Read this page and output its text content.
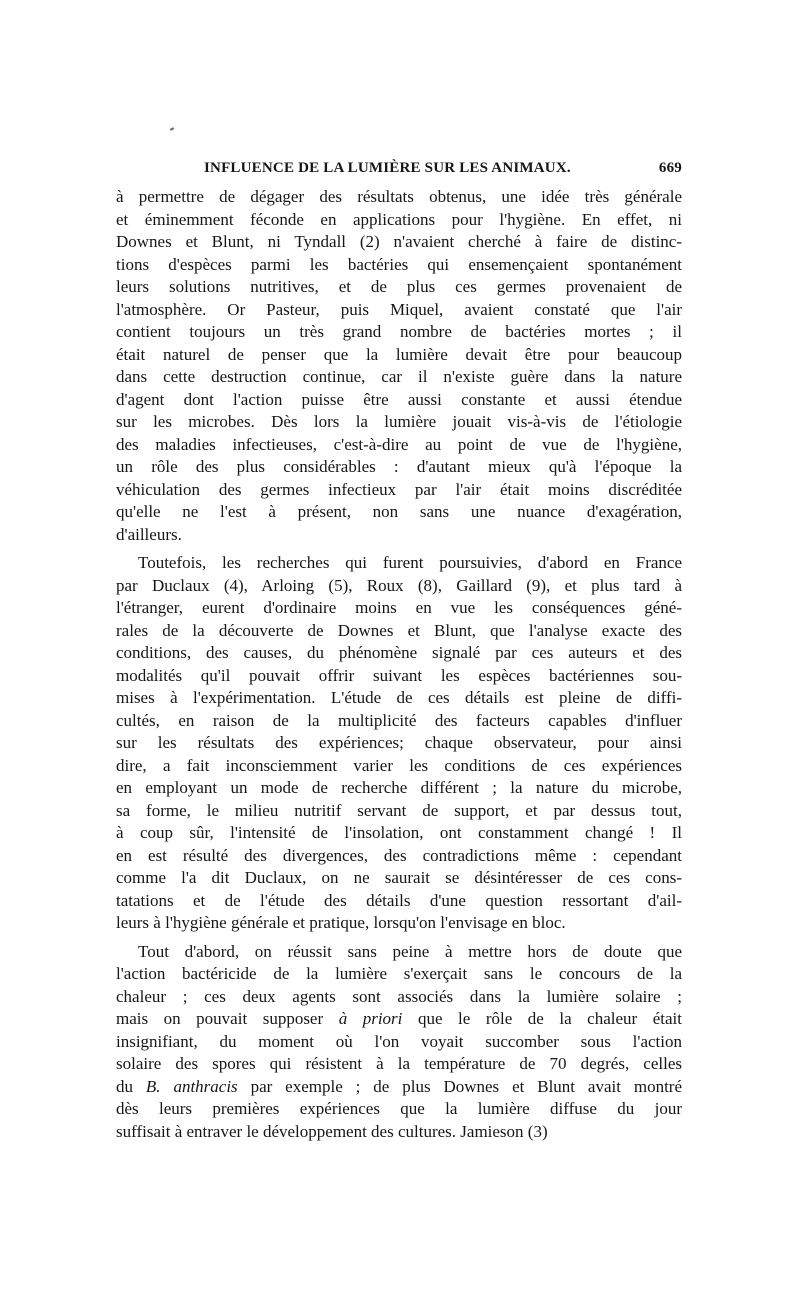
INFLUENCE DE LA LUMIÈRE SUR LES ANIMAUX.	669
à permettre de dégager des résultats obtenus, une idée très générale
et éminemment féconde en applications pour l'hygiène. En effet, ni
Downes et Blunt, ni Tyndall (2) n'avaient cherché à faire de distinc-
tions d'espèces parmi les bactéries qui ensemençaient spontanément
leurs solutions nutritives, et de plus ces germes provenaient de
l'atmosphère. Or Pasteur, puis Miquel, avaient constaté que l'air
contient toujours un très grand nombre de bactéries mortes ; il
était naturel de penser que la lumière devait être pour beaucoup
dans cette destruction continue, car il n'existe guère dans la nature
d'agent dont l'action puisse être aussi constante et aussi étendue
sur les microbes. Dès lors la lumière jouait vis-à-vis de l'étiologie
des maladies infectieuses, c'est-à-dire au point de vue de l'hygiène,
un rôle des plus considérables : d'autant mieux qu'à l'époque la
véhiculation des germes infectieux par l'air était moins discréditée
qu'elle ne l'est à présent, non sans une nuance d'exagération,
d'ailleurs.
Toutefois, les recherches qui furent poursuivies, d'abord en France
par Duclaux (4), Arloing (5), Roux (8), Gaillard (9), et plus tard à
l'étranger, eurent d'ordinaire moins en vue les conséquences géné-
rales de la découverte de Downes et Blunt, que l'analyse exacte des
conditions, des causes, du phénomène signalé par ces auteurs et des
modalités qu'il pouvait offrir suivant les espèces bactériennes sou-
mises à l'expérimentation. L'étude de ces détails est pleine de diffi-
cultés, en raison de la multiplicité des facteurs capables d'influer
sur les résultats des expériences; chaque observateur, pour ainsi
dire, a fait inconsciemment varier les conditions de ces expériences
en employant un mode de recherche différent ; la nature du microbe,
sa forme, le milieu nutritif servant de support, et par dessus tout,
à coup sûr, l'intensité de l'insolation, ont constamment changé ! Il
en est résulté des divergences, des contradictions même : cependant
comme l'a dit Duclaux, on ne saurait se désintéresser de ces cons-
tatations et de l'étude des détails d'une question ressortant d'ail-
leurs à l'hygiène générale et pratique, lorsqu'on l'envisage en bloc.
Tout d'abord, on réussit sans peine à mettre hors de doute que
l'action bactéricide de la lumière s'exerçait sans le concours de la
chaleur ; ces deux agents sont associés dans la lumière solaire ;
mais on pouvait supposer à priori que le rôle de la chaleur était
insignifiant, du moment où l'on voyait succomber sous l'action
solaire des spores qui résistent à la température de 70 degrés, celles
du B. anthracis par exemple ; de plus Downes et Blunt avait montré
dès leurs premières expériences que la lumière diffuse du jour
suffisait à entraver le développement des cultures. Jamieson (3)
